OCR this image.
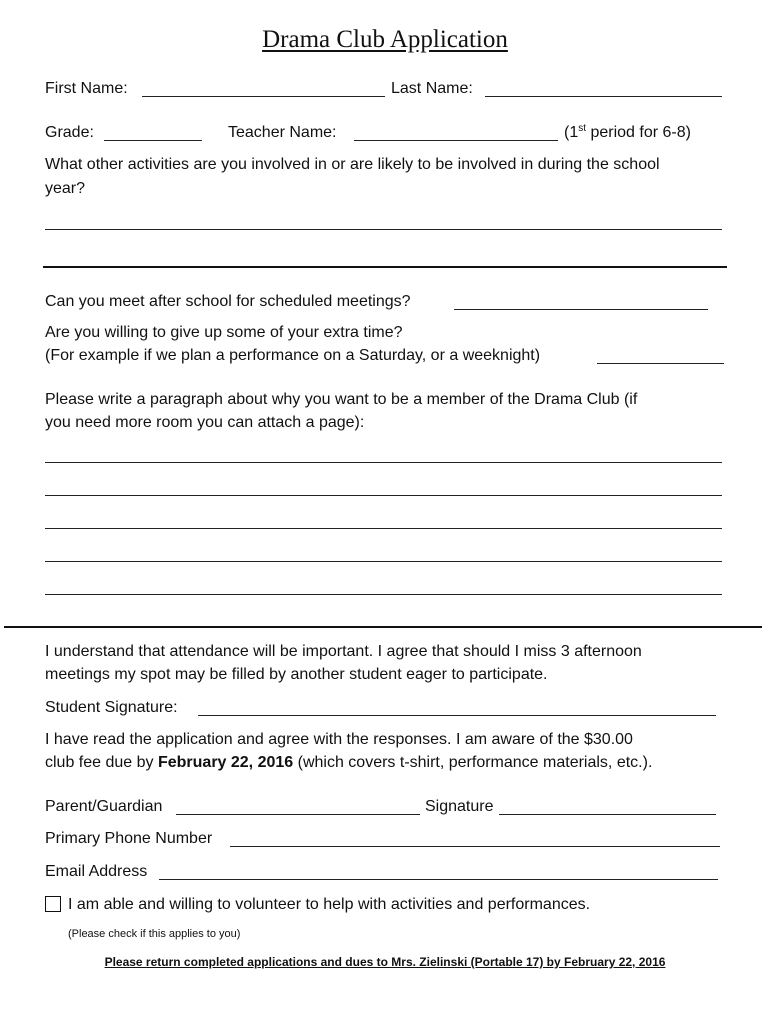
Drama Club Application
First Name:	Last Name:
Grade:	Teacher Name:	(1st period for 6-8)
What other activities are you involved in or are likely to be involved in during the school
year?
Can you meet after school for scheduled meetings?
Are you willing to give up some of your extra time?
(For example if we plan a performance on a Saturday, or a weeknight)
Please write a paragraph about why you want to be a member of the Drama Club (if
you need more room you can attach a page):
I understand that attendance will be important. I agree that should I miss 3 afternoon
meetings my spot may be filled by another student eager to participate.
Student Signature:
I have read the application and agree with the responses. I am aware of the $30.00
club fee due by February 22, 2016 (which covers t-shirt, performance materials, etc.).
Parent/Guardian	Signature
Primary Phone Number
Email Address
I am able and willing to volunteer to help with activities and performances.
(Please check if this applies to you)
Please return completed applications and dues to Mrs. Zielinski (Portable 17) by February 22, 2016
